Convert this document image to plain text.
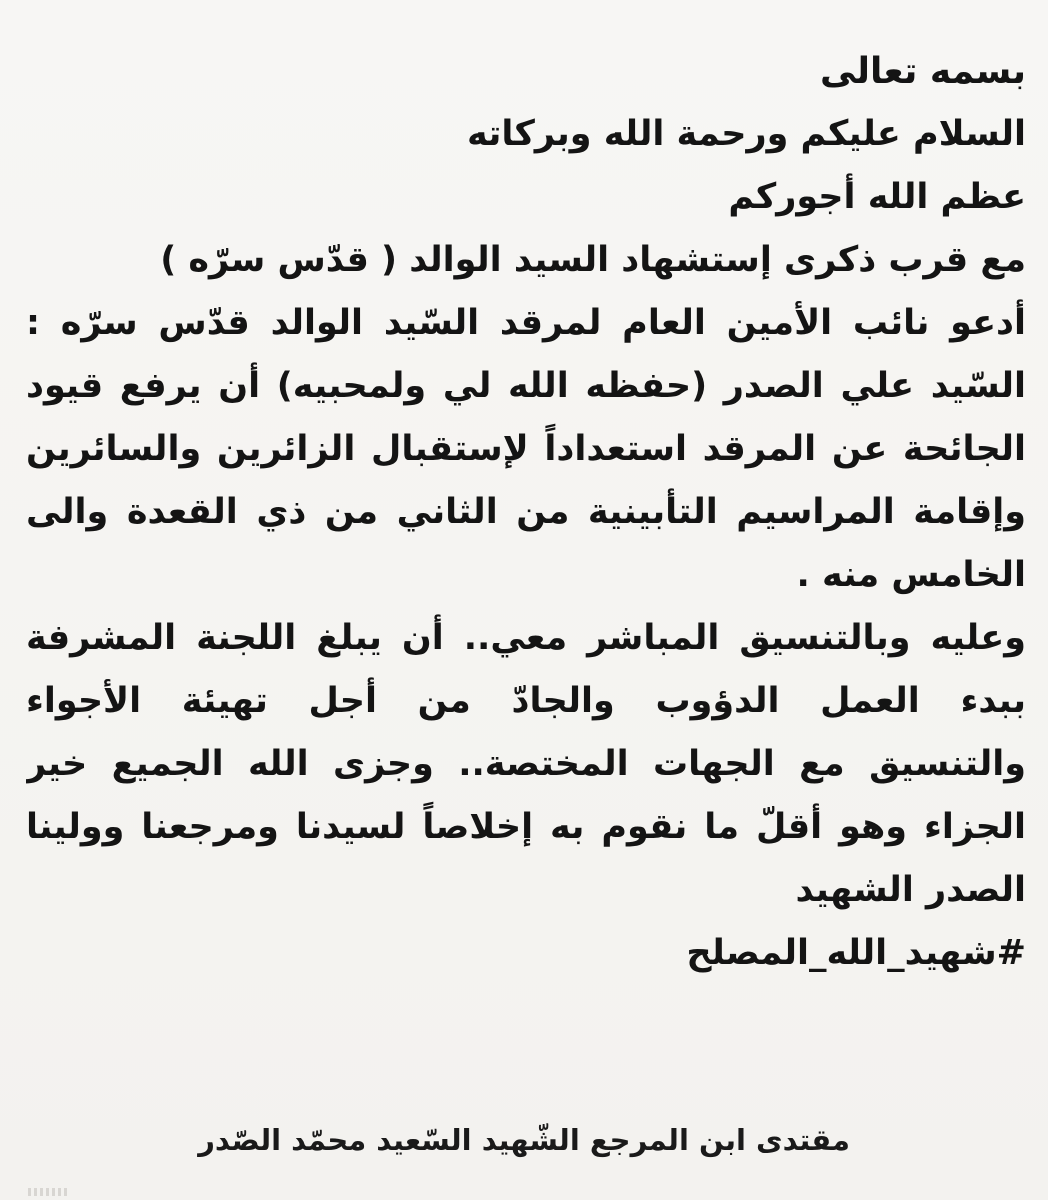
بسمه تعالى
السلام عليكم ورحمة الله وبركاته
عظم الله أجوركم
مع قرب ذكرى إستشهاد السيد الوالد ( قدّس سرّه )
أدعو نائب الأمين العام لمرقد السّيد الوالد قدّس سرّه :
السّيد علي الصدر (حفظه الله لي ولمحبيه) أن يرفع قيود
الجائحة عن المرقد استعداداً لإستقبال الزائرين والسائرين
وإقامة المراسيم التأبينية من الثاني من ذي القعدة والى
الخامس منه .
وعليه وبالتنسيق المباشر معي.. أن يبلغ اللجنة المشرفة
ببدء العمل الدؤوب والجادّ من أجل تهيئة الأجواء
والتنسيق مع الجهات المختصة.. وجزى الله الجميع خير
الجزاء وهو أقلّ ما نقوم به إخلاصاً لسيدنا ومرجعنا وولينا
الصدر الشهيد
#شهيد_الله_المصلح
مقتدى ابن المرجع الشّهيد السّعيد محمّد الصّدر
